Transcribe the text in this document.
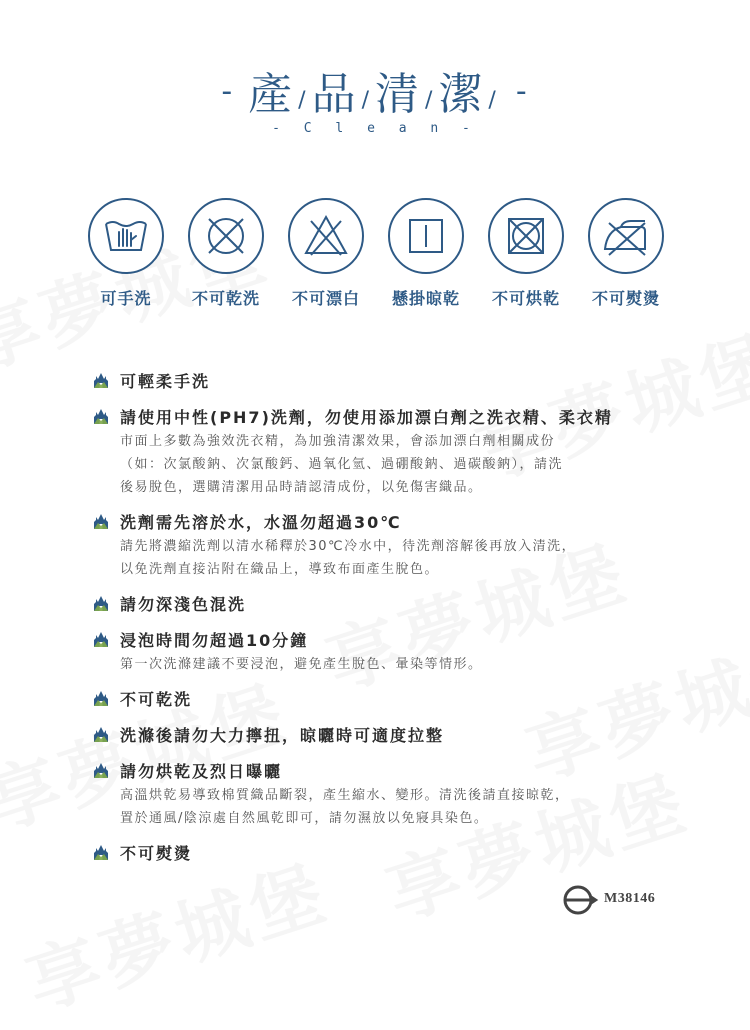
- 產 /品 /清 /潔 / -
- C l e a n -
可手洗	不可乾洗	不可漂白	懸掛晾乾	不可烘乾	不可熨燙
可輕柔手洗
請使用中性(PH7)洗劑，勿使用添加漂白劑之洗衣精、柔衣精
市面上多數為強效洗衣精，為加強清潔效果，會添加漂白劑相關成份
（如：次氯酸鈉、次氯酸鈣、過氧化氫、過硼酸鈉、過碳酸鈉），請洗
後易脫色，選購清潔用品時請認清成份，以免傷害織品。
洗劑需先溶於水，水溫勿超過30℃
請先將濃縮洗劑以清水稀釋於30℃冷水中，待洗劑溶解後再放入清洗，
以免洗劑直接沾附在織品上，導致布面產生脫色。
請勿深淺色混洗
浸泡時間勿超過10分鐘
第一次洗滌建議不要浸泡，避免產生脫色、暈染等情形。
不可乾洗
洗滌後請勿大力擰扭，晾曬時可適度拉整
請勿烘乾及烈日曝曬
高溫烘乾易導致棉質織品斷裂，產生縮水、變形。清洗後請直接晾乾，
置於通風/陰涼處自然風乾即可，請勿濕放以免寢具染色。
不可熨燙
M38146
